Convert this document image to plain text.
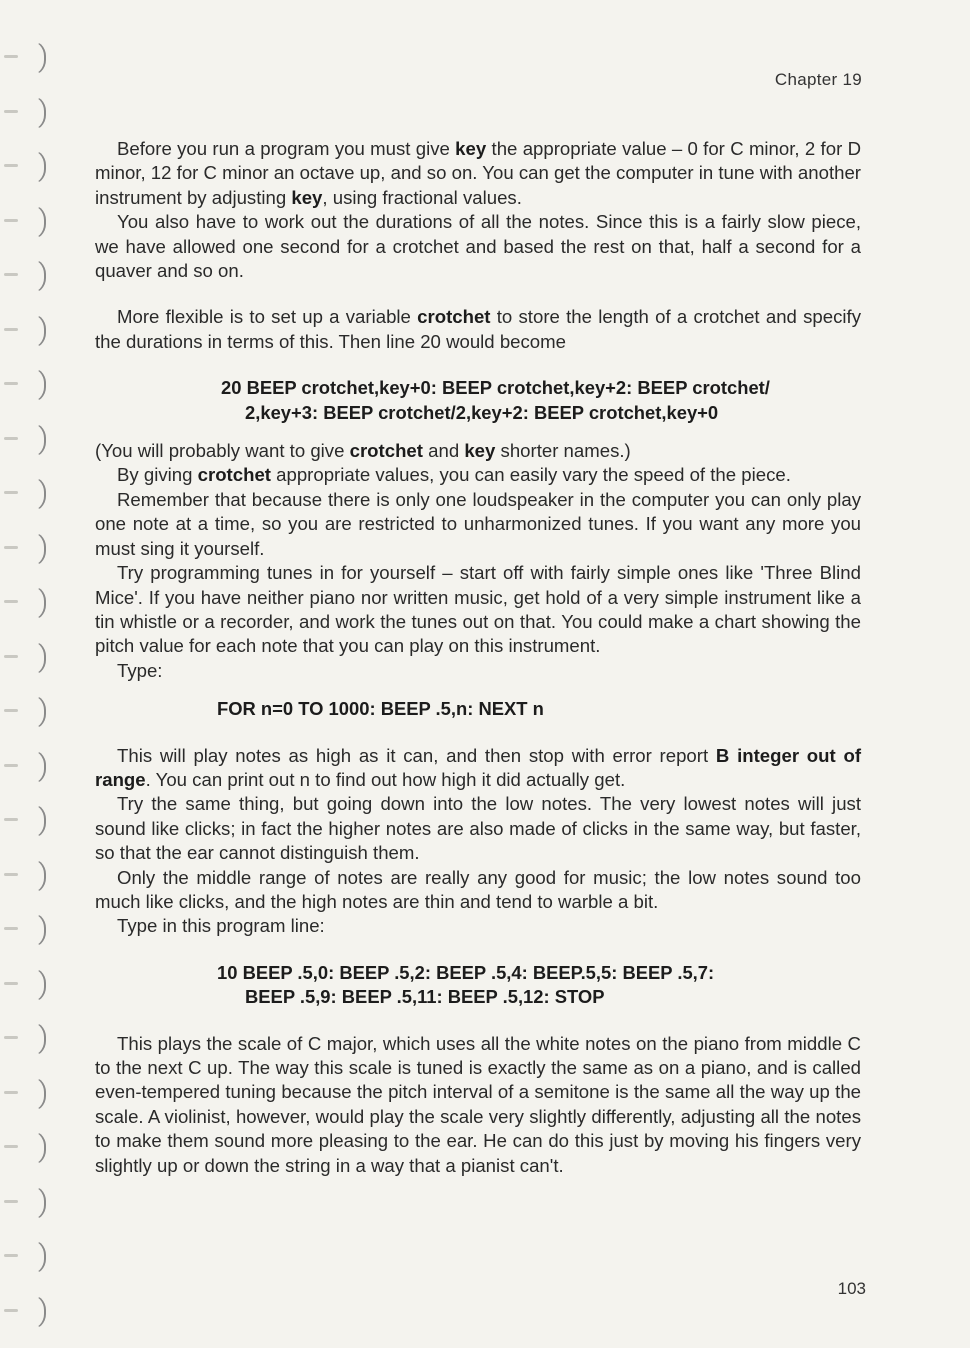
Chapter 19

Before you run a program you must give key the appropriate value – 0 for C minor, 2 for D minor, 12 for C minor an octave up, and so on. You can get the computer in tune with another instrument by adjusting key, using fractional values.

You also have to work out the durations of all the notes. Since this is a fairly slow piece, we have allowed one second for a crotchet and based the rest on that, half a second for a quaver and so on.

More flexible is to set up a variable crotchet to store the length of a crotchet and specify the durations in terms of this. Then line 20 would become

20 BEEP crotchet,key+0: BEEP crotchet,key+2: BEEP crotchet/
2,key+3: BEEP crotchet/2,key+2: BEEP crotchet,key+0

(You will probably want to give crotchet and key shorter names.)

By giving crotchet appropriate values, you can easily vary the speed of the piece.

Remember that because there is only one loudspeaker in the computer you can only play one note at a time, so you are restricted to unharmonized tunes. If you want any more you must sing it yourself.

Try programming tunes in for yourself – start off with fairly simple ones like 'Three Blind Mice'. If you have neither piano nor written music, get hold of a very simple instrument like a tin whistle or a recorder, and work the tunes out on that. You could make a chart showing the pitch value for each note that you can play on this instrument.

Type:

FOR n=0 TO 1000: BEEP .5,n: NEXT n

This will play notes as high as it can, and then stop with error report B integer out of range. You can print out n to find out how high it did actually get.

Try the same thing, but going down into the low notes. The very lowest notes will just sound like clicks; in fact the higher notes are also made of clicks in the same way, but faster, so that the ear cannot distinguish them.

Only the middle range of notes are really any good for music; the low notes sound too much like clicks, and the high notes are thin and tend to warble a bit.

Type in this program line:

10 BEEP .5,0: BEEP .5,2: BEEP .5,4: BEEP.5,5: BEEP .5,7:
BEEP .5,9: BEEP .5,11: BEEP .5,12: STOP

This plays the scale of C major, which uses all the white notes on the piano from middle C to the next C up. The way this scale is tuned is exactly the same as on a piano, and is called even-tempered tuning because the pitch interval of a semitone is the same all the way up the scale. A violinist, however, would play the scale very slightly differently, adjusting all the notes to make them sound more pleasing to the ear. He can do this just by moving his fingers very slightly up or down the string in a way that a pianist can't.

103
